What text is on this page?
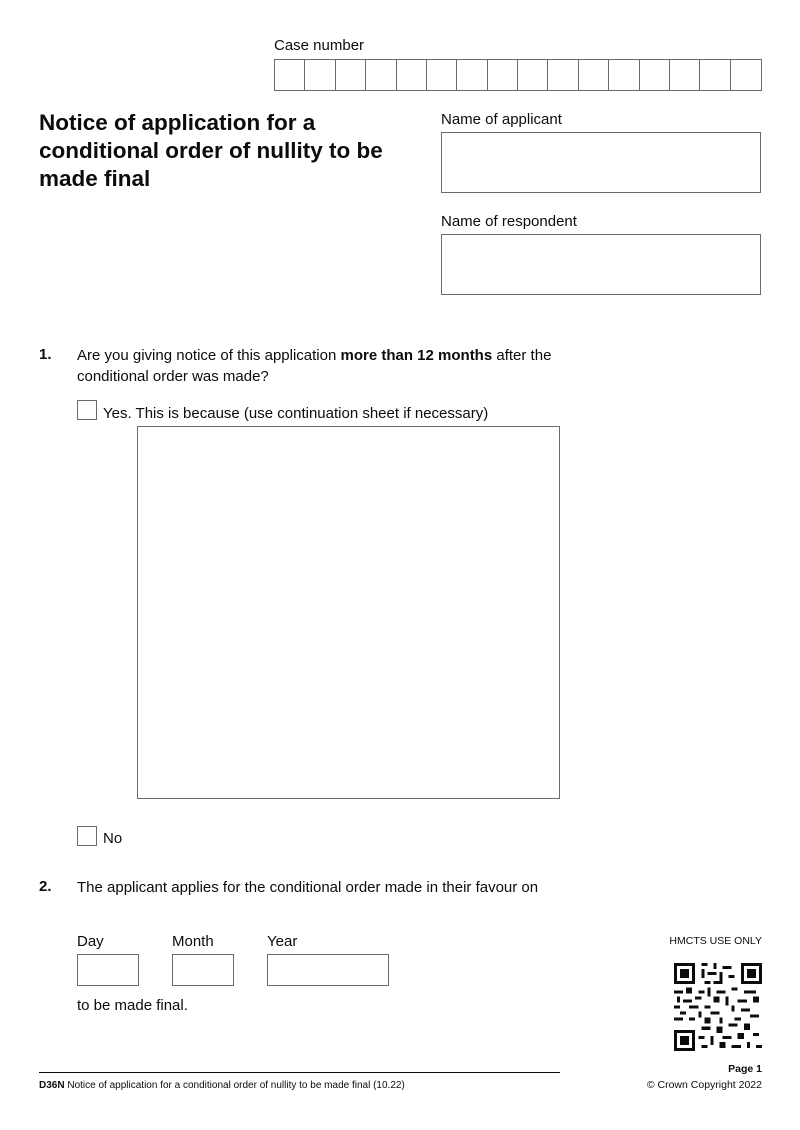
Case number
Notice of application for a conditional order of nullity to be made final
Name of applicant
Name of respondent
1. Are you giving notice of this application more than 12 months after the conditional order was made?
Yes. This is because (use continuation sheet if necessary)
No
2. The applicant applies for the conditional order made in their favour on
Day	Month	Year
to be made final.
HMCTS USE ONLY
D36N Notice of application for a conditional order of nullity to be made final (10.22)
Page 1
© Crown Copyright 2022
